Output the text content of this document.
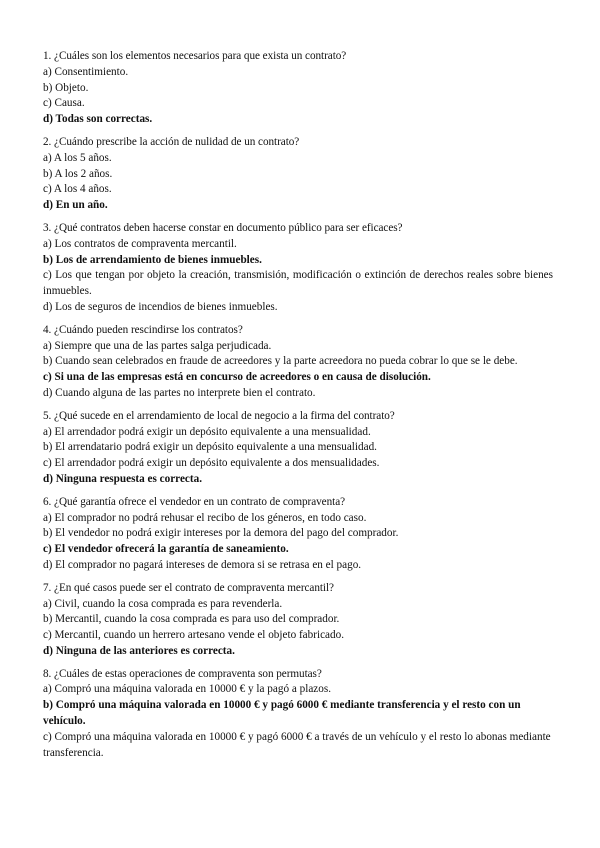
1. ¿Cuáles son los elementos necesarios para que exista un contrato?

a) Consentimiento.

b) Objeto.

c) Causa.

d) Todas son correctas.

2. ¿Cuándo prescribe la acción de nulidad de un contrato?

a) A los 5 años.

b) A los 2 años.

c) A los 4 años.

d) En un año.

3. ¿Qué contratos deben hacerse constar en documento público para ser eficaces?

a) Los contratos de compraventa mercantil.

b) Los de arrendamiento de bienes inmuebles.

c) Los que tengan por objeto la creación, transmisión, modificación o extinción de derechos reales sobre bienes inmuebles.

d) Los de seguros de incendios de bienes inmuebles.

4. ¿Cuándo pueden rescindirse los contratos?

a) Siempre que una de las partes salga perjudicada.

b) Cuando sean celebrados en fraude de acreedores y la parte acreedora no pueda cobrar lo que se le debe.

c) Si una de las empresas está en concurso de acreedores o en causa de disolución.

d) Cuando alguna de las partes no interprete bien el contrato.

5. ¿Qué sucede en el arrendamiento de local de negocio a la firma del contrato?

a) El arrendador podrá exigir un depósito equivalente a una mensualidad.

b) El arrendatario podrá exigir un depósito equivalente a una mensualidad.

c) El arrendador podrá exigir un depósito equivalente a dos mensualidades.

d) Ninguna respuesta es correcta.

6. ¿Qué garantía ofrece el vendedor en un contrato de compraventa?

a) El comprador no podrá rehusar el recibo de los géneros, en todo caso.

b) El vendedor no podrá exigir intereses por la demora del pago del comprador.

c) El vendedor ofrecerá la garantía de saneamiento.

d) El comprador no pagará intereses de demora si se retrasa en el pago.

7. ¿En qué casos puede ser el contrato de compraventa mercantil?

a) Civil, cuando la cosa comprada es para revenderla.

b) Mercantil, cuando la cosa comprada es para uso del comprador.

c) Mercantil, cuando un herrero artesano vende el objeto fabricado.

d) Ninguna de las anteriores es correcta.

8. ¿Cuáles de estas operaciones de compraventa son permutas?

a) Compró una máquina valorada en 10000 € y la pagó a plazos.

b) Compró una máquina valorada en 10000 € y pagó 6000 € mediante transferencia y el resto con un vehículo.

c) Compró una máquina valorada en 10000 € y pagó 6000 € a través de un vehículo y el resto lo abonas mediante transferencia.
